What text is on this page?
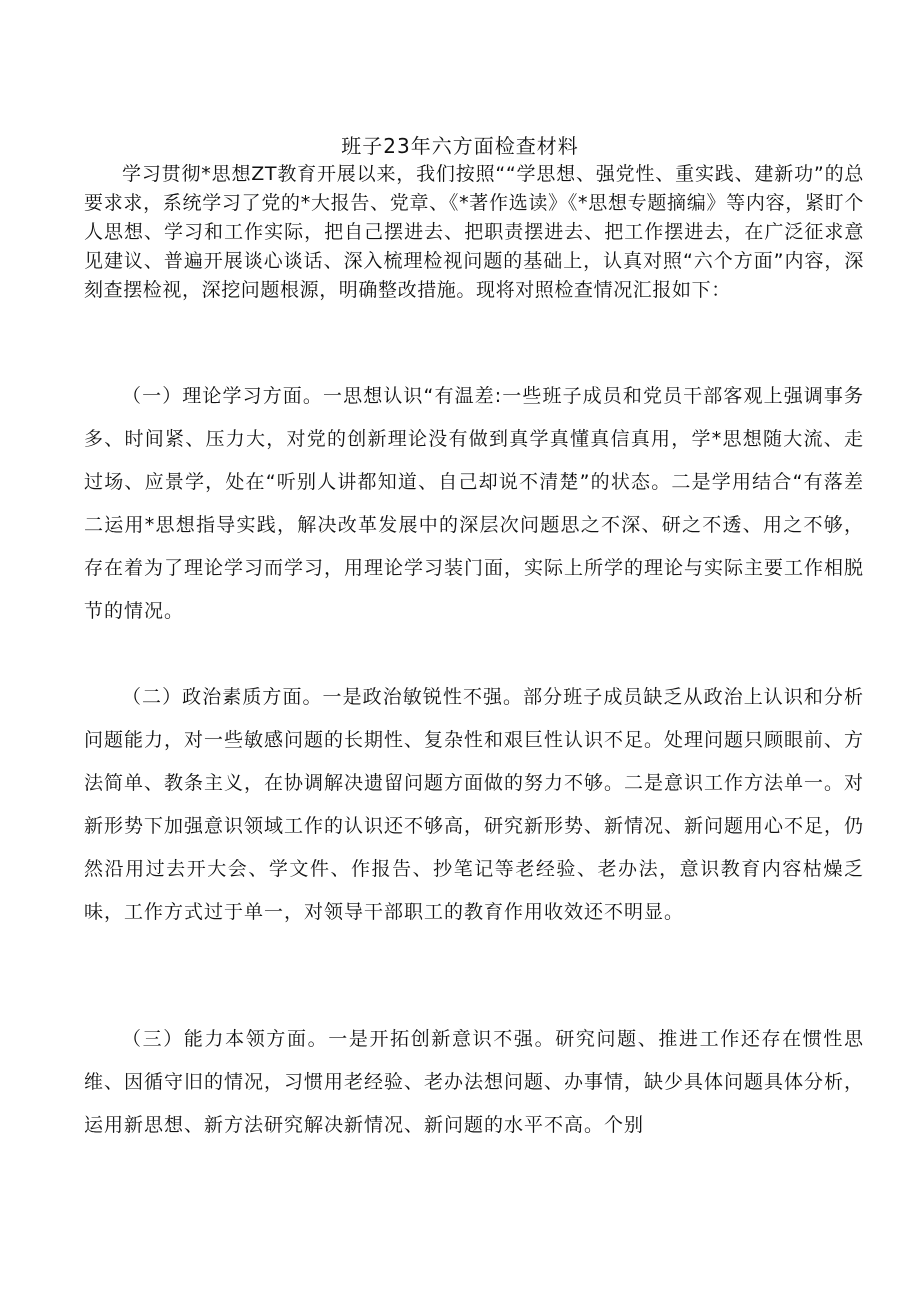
班子23年六方面检查材料

学习贯彻*思想ZT教育开展以来，我们按照““学思想、强党性、重实践、建新功”的总要求求，系统学习了党的*大报告、党章、《*著作选读》《*思想专题摘编》等内容，紧盯个人思想、学习和工作实际，把自己摆进去、把职责摆进去、把工作摆进去，在广泛征求意见建议、普遍开展谈心谈话、深入梳理检视问题的基础上，认真对照“六个方面”内容，深刻查摆检视，深挖问题根源，明确整改措施。现将对照检查情况汇报如下：

（一）理论学习方面。一思想认识“有温差:一些班子成员和党员干部客观上强调事务多、时间紧、压力大，对党的创新理论没有做到真学真懂真信真用，学*思想随大流、走过场、应景学，处在“听别人讲都知道、自己却说不清楚”的状态。二是学用结合“有落差二运用*思想指导实践，解决改革发展中的深层次问题思之不深、研之不透、用之不够，存在着为了理论学习而学习，用理论学习装门面，实际上所学的理论与实际主要工作相脱节的情况。

（二）政治素质方面。一是政治敏锐性不强。部分班子成员缺乏从政治上认识和分析问题能力，对一些敏感问题的长期性、复杂性和艰巨性认识不足。处理问题只顾眼前、方法简单、教条主义，在协调解决遗留问题方面做的努力不够。二是意识工作方法单一。对新形势下加强意识领域工作的认识还不够高，研究新形势、新情况、新问题用心不足，仍然沿用过去开大会、学文件、作报告、抄笔记等老经验、老办法，意识教育内容枯燥乏味，工作方式过于单一，对领导干部职工的教育作用收效还不明显。

（三）能力本领方面。一是开拓创新意识不强。研究问题、推进工作还存在惯性思维、因循守旧的情况，习惯用老经验、老办法想问题、办事情，缺少具体问题具体分析，运用新思想、新方法研究解决新情况、新问题的水平不高。个别
